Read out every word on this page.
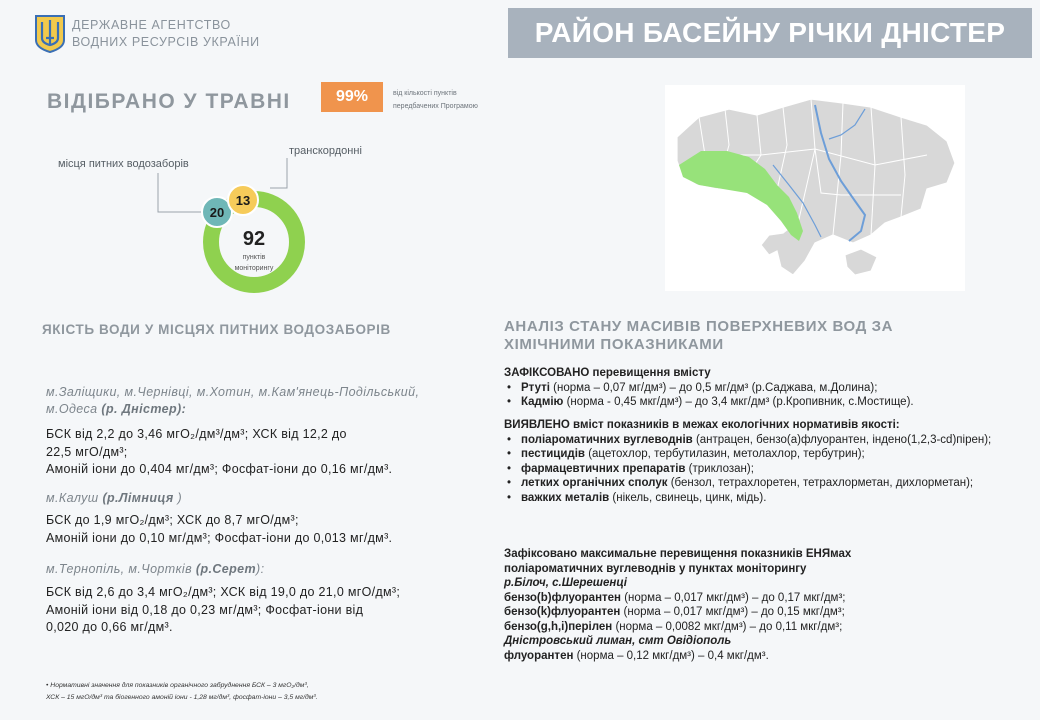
ДЕРЖАВНЕ АГЕНТСТВО
ВОДНИХ РЕСУРСІВ УКРАЇНИ	РАЙОН БАСЕЙНУ РІЧКИ ДНІСТЕР
ВІДІБРАНО У ТРАВНІ	99%	від кількості пунктів
передбачених Програмою
місця питних водозаборів
транскордонні
20
13
92
пунктів
моніторингу
ЯКІСТЬ ВОДИ У МІСЦЯХ ПИТНИХ ВОДОЗАБОРІВ
м.Заліщики, м.Чернівці, м.Хотин, м.Кам'янець-Подільський,
м.Одеса (р. Дністер):
БСК від 2,2 до 3,46 мгО₂/дм³/дм³; ХСК від 12,2 до
22,5 мгО/дм³;
Амоній іони до 0,404 мг/дм³; Фосфат-іони до 0,16 мг/дм³.
м.Калуш (р.Лімниця )
БСК до 1,9 мгО₂/дм³; ХСК до 8,7 мгО/дм³;
Амоній іони до 0,10 мг/дм³; Фосфат-іони до 0,013 мг/дм³.
м.Тернопіль, м.Чортків (р.Серет):
БСК від 2,6 до 3,4 мгО₂/дм³; ХСК від 19,0 до 21,0 мгО/дм³;
Амоній іони від 0,18 до 0,23 мг/дм³; Фосфат-іони від
0,020 до 0,66 мг/дм³.
• Нормативні значення для показників органічного забруднення БСК – 3 мгО₂/дм³,
ХСК – 15 мгО/дм³ та біогенного амоній іони - 1,28 мг/дм³, фосфат-іони – 3,5 мг/дм³.
АНАЛІЗ СТАНУ МАСИВІВ ПОВЕРХНЕВИХ ВОД ЗА
ХІМІЧНИМИ ПОКАЗНИКАМИ
ЗАФІКСОВАНО перевищення вмісту
• Ртуті (норма – 0,07 мг/дм³) – до 0,5 мг/дм³ (р.Саджава, м.Долина);
• Кадмію (норма - 0,45 мкг/дм³) – до 3,4 мкг/дм³ (р.Кропивник, с.Мостище).
ВИЯВЛЕНО вміст показників в межах екологічних нормативів якості:
• поліароматичних вуглеводнів (антрацен, бензо(а)флуорантен, індено(1,2,3-cd)пірен);
• пестицидів (ацетохлор, тербутилазин, метолахлор, тербутрин);
• фармацевтичних препаратів (триклозан);
• летких органічних сполук (бензол, тетрахлоретен, тетрахлорметан, дихлорметан);
• важких металів (нікель, свинець, цинк, мідь).
Зафіксовано максимальне перевищення показників ЕНЯмах
поліароматичних вуглеводнів у пунктах моніторингу
р.Білоч, с.Шерешенці
бензо(b)флуорантен (норма – 0,017 мкг/дм³) – до 0,17 мкг/дм³;
бензо(k)флуорантен (норма – 0,017 мкг/дм³) – до 0,15 мкг/дм³;
бензо(g,h,i)перілен (норма – 0,0082 мкг/дм³) – до 0,11 мкг/дм³;
Дністровський лиман, смт Овідіополь
флуорантен (норма – 0,12 мкг/дм³) – 0,4 мкг/дм³.
